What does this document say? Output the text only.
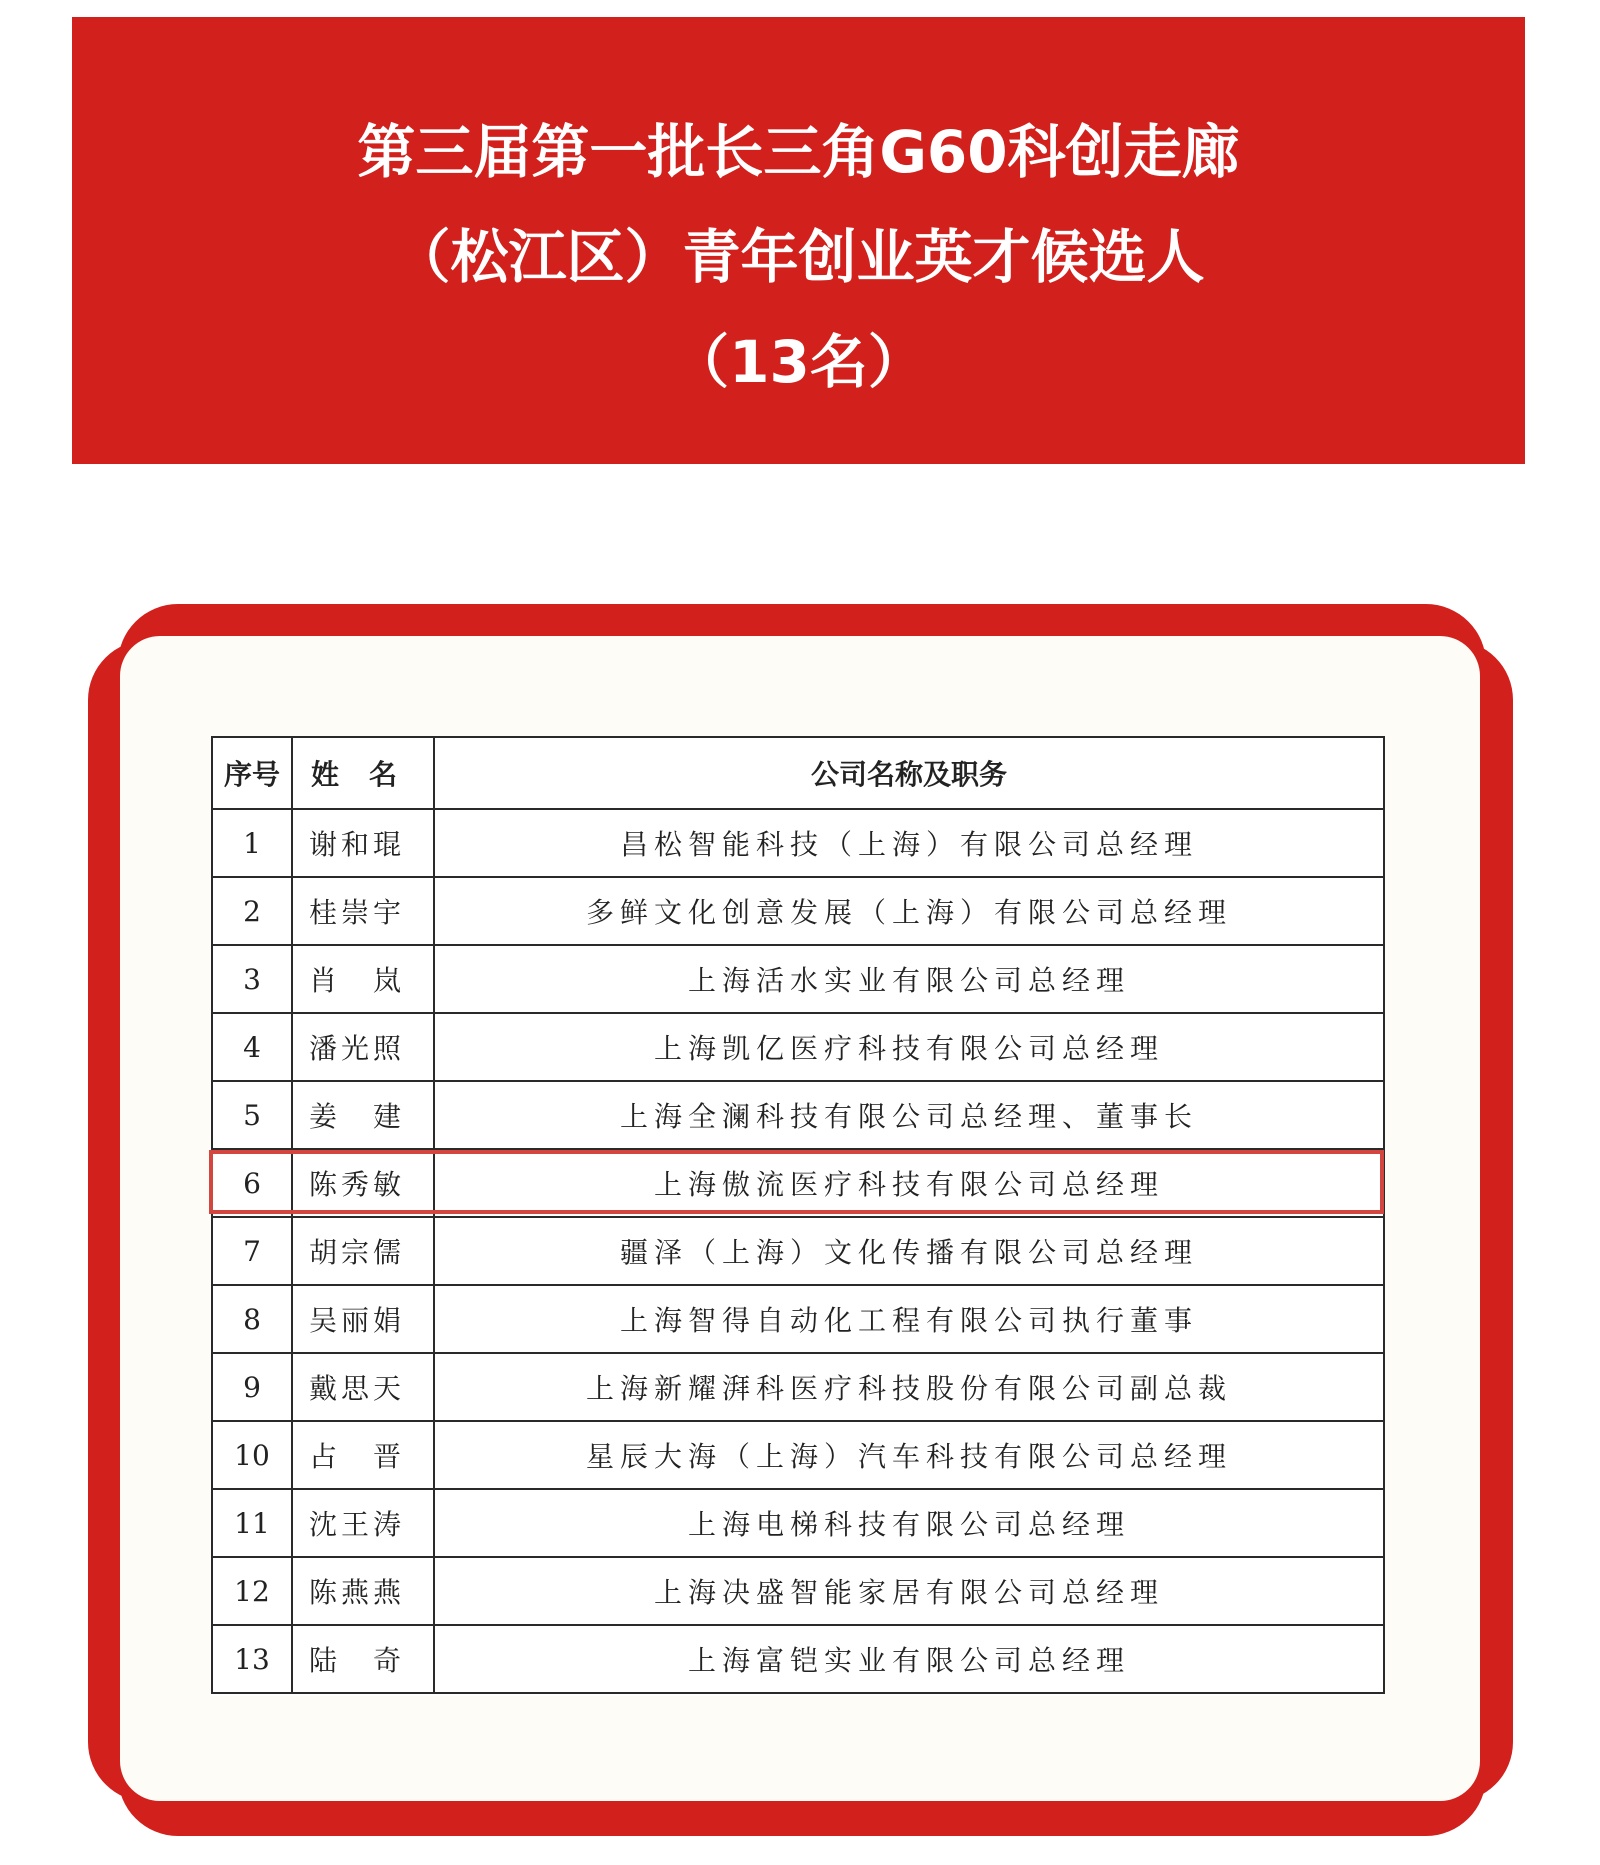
第三届第一批长三角G60科创走廊
（松江区）青年创业英才候选人
（13名）
序号	姓名	公司名称及职务
1	谢和琨	昌松智能科技（上海）有限公司总经理
2	桂崇宇	多鲜文化创意发展（上海）有限公司总经理
3	肖　岚	上海活水实业有限公司总经理
4	潘光照	上海凯亿医疗科技有限公司总经理
5	姜　建	上海全澜科技有限公司总经理、董事长
6	陈秀敏	上海傲流医疗科技有限公司总经理
7	胡宗儒	疆泽（上海）文化传播有限公司总经理
8	吴丽娟	上海智得自动化工程有限公司执行董事
9	戴思天	上海新耀湃科医疗科技股份有限公司副总裁
10	占　晋	星辰大海（上海）汽车科技有限公司总经理
11	沈王涛	上海电梯科技有限公司总经理
12	陈燕燕	上海决盛智能家居有限公司总经理
13	陆　奇	上海富铠实业有限公司总经理
